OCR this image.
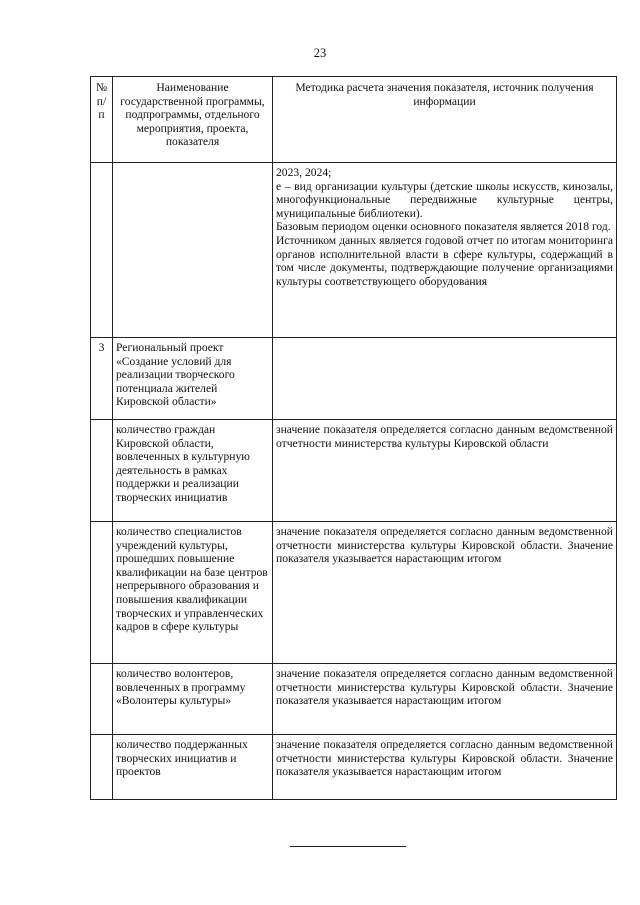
23
№ п/п	Наименование государственной программы, подпрограммы, отдельного мероприятия, проекта, показателя	Методика расчета значения показателя, источник получения информации

		2023, 2024;
e – вид организации культуры (детские школы искусств, кинозалы, многофункциональные передвижные культурные центры, муниципальные библиотеки).
Базовым периодом оценки основного показателя является 2018 год.
Источником данных является годовой отчет по итогам мониторинга органов исполнительной власти в сфере культуры, содержащий в том числе документы, подтверждающие получение организациями культуры соответствующего оборудования

3	Региональный проект «Создание условий для реализации творческого потенциала жителей Кировской области»	
	количество граждан Кировской области, вовлеченных в культурную деятельность в рамках поддержки и реализации творческих инициатив	значение показателя определяется согласно данным ведомственной отчетности министерства культуры Кировской области

	количество специалистов учреждений культуры, прошедших повышение квалификации на базе центров непрерывного образования и повышения квалификации творческих и управленческих кадров в сфере культуры	значение показателя определяется согласно данным ведомственной отчетности министерства культуры Кировской области. Значение показателя указывается нарастающим итогом

	количество волонтеров, вовлеченных в программу «Волонтеры культуры»	значение показателя определяется согласно данным ведомственной отчетности министерства культуры Кировской области. Значение показателя указывается нарастающим итогом

	количество поддержанных творческих инициатив и проектов	значение показателя определяется согласно данным ведомственной отчетности министерства культуры Кировской области. Значение показателя указывается нарастающим итогом
